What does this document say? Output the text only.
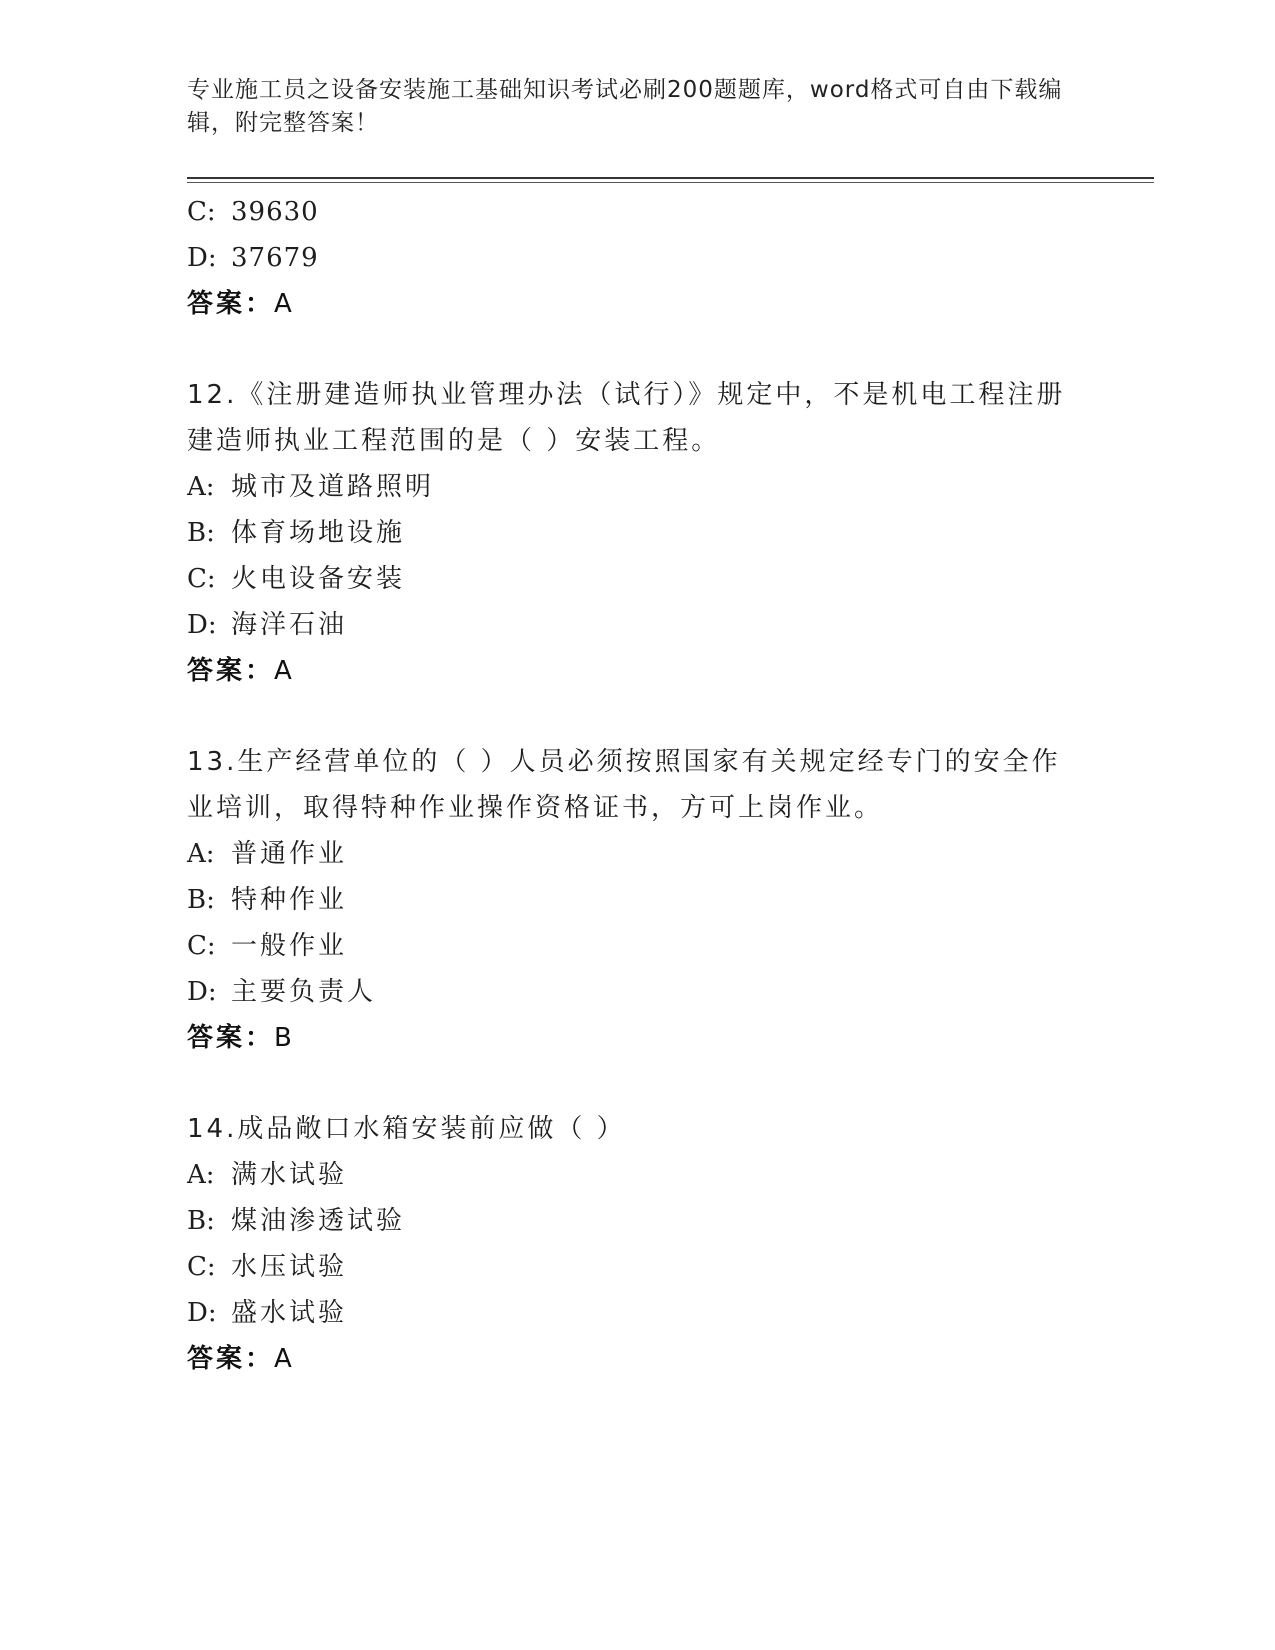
专业施工员之设备安装施工基础知识考试必刷200题题库，word格式可自由下载编辑，附完整答案！
C: 39630
D: 37679
答案：A
12.《注册建造师执业管理办法（试行）》规定中，不是机电工程注册
建造师执业工程范围的是（ ）安装工程。
A: 城市及道路照明
B: 体育场地设施
C: 火电设备安装
D: 海洋石油
答案：A
13.生产经营单位的（ ）人员必须按照国家有关规定经专门的安全作
业培训，取得特种作业操作资格证书，方可上岗作业。
A: 普通作业
B: 特种作业
C: 一般作业
D: 主要负责人
答案：B
14.成品敞口水箱安装前应做（ ）
A: 满水试验
B: 煤油渗透试验
C: 水压试验
D: 盛水试验
答案：A
